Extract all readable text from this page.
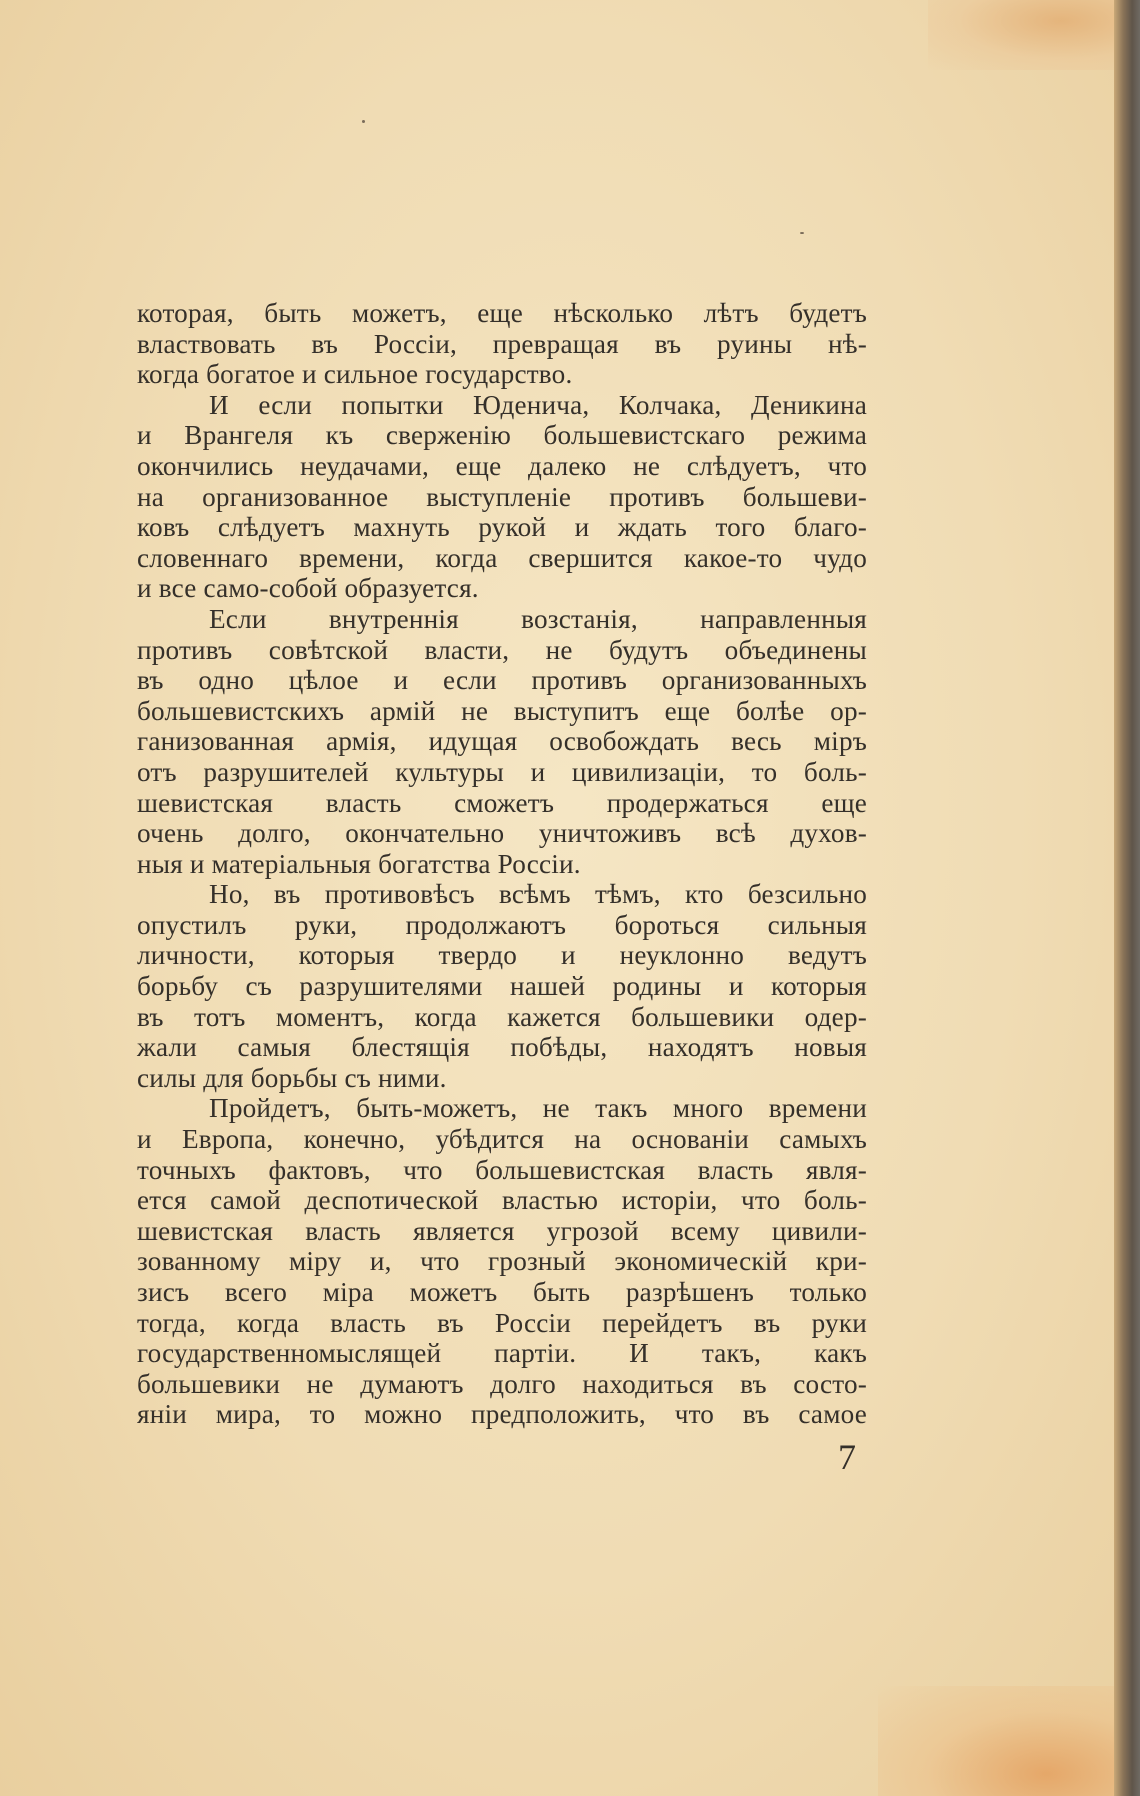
которая, быть можетъ, еще нѣсколько лѣтъ будетъ
властвовать въ Россіи, превращая въ руины нѣ-
когда богатое и сильное государство.
И если попытки Юденича, Колчака, Деникина
и Врангеля къ сверженію большевистскаго режима
окончились неудачами, еще далеко не слѣдуетъ, что
на организованное выступленіе противъ большеви-
ковъ слѣдуетъ махнуть рукой и ждать того благо-
словеннаго времени, когда свершится какое-то чудо
и все само-собой образуется.
Если внутреннія возстанія, направленныя
противъ совѣтской власти, не будутъ объединены
въ одно цѣлое и если противъ организованныхъ
большевистскихъ армій не выступитъ еще болѣе ор-
ганизованная армія, идущая освобождать весь міръ
отъ разрушителей культуры и цивилизаціи, то боль-
шевистская власть сможетъ продержаться еще
очень долго, окончательно уничтоживъ всѣ духов-
ныя и матеріальныя богатства Россіи.
Но, въ противовѣсъ всѣмъ тѣмъ, кто безсильно
опустилъ руки, продолжаютъ бороться сильныя
личности, которыя твердо и неуклонно ведутъ
борьбу съ разрушителями нашей родины и которыя
въ тотъ моментъ, когда кажется большевики одер-
жали самыя блестящія побѣды, находятъ новыя
силы для борьбы съ ними.
Пройдетъ, быть-можетъ, не такъ много времени
и Европа, конечно, убѣдится на основаніи самыхъ
точныхъ фактовъ, что большевистская власть явля-
ется самой деспотической властью исторіи, что боль-
шевистская власть является угрозой всему цивили-
зованному міру и, что грозный экономическій кри-
зисъ всего міра можетъ быть разрѣшенъ только
тогда, когда власть въ Россіи перейдетъ въ руки
государственномыслящей партіи. И такъ, какъ
большевики не думаютъ долго находиться въ состо-
яніи мира, то можно предположить, что въ самое
7
